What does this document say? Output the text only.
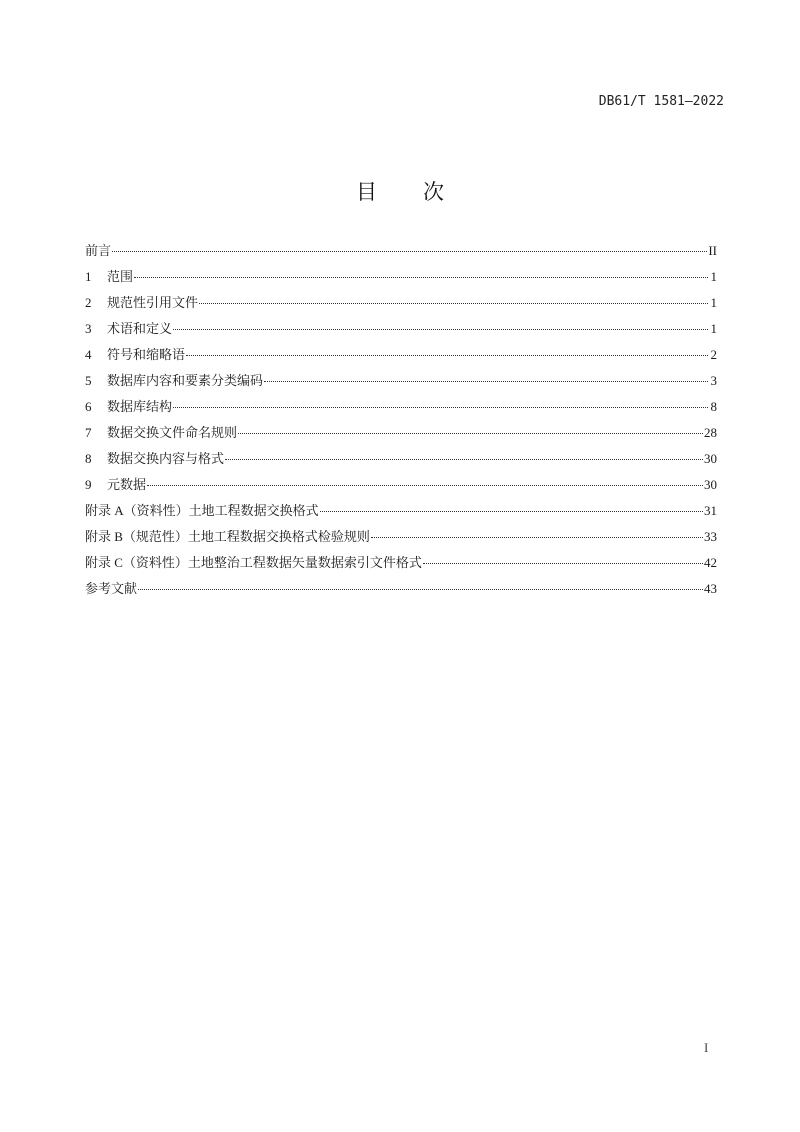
DB61/T 1581—2022
目 次
前言	II
1	范围	1
2	规范性引用文件	1
3	术语和定义	1
4	符号和缩略语	2
5	数据库内容和要素分类编码	3
6	数据库结构	8
7	数据交换文件命名规则	28
8	数据交换内容与格式	30
9	元数据	30
附录 A（资料性）土地工程数据交换格式	31
附录 B（规范性）土地工程数据交换格式检验规则	33
附录 C（资料性）土地整治工程数据矢量数据索引文件格式	42
参考文献	43
I
